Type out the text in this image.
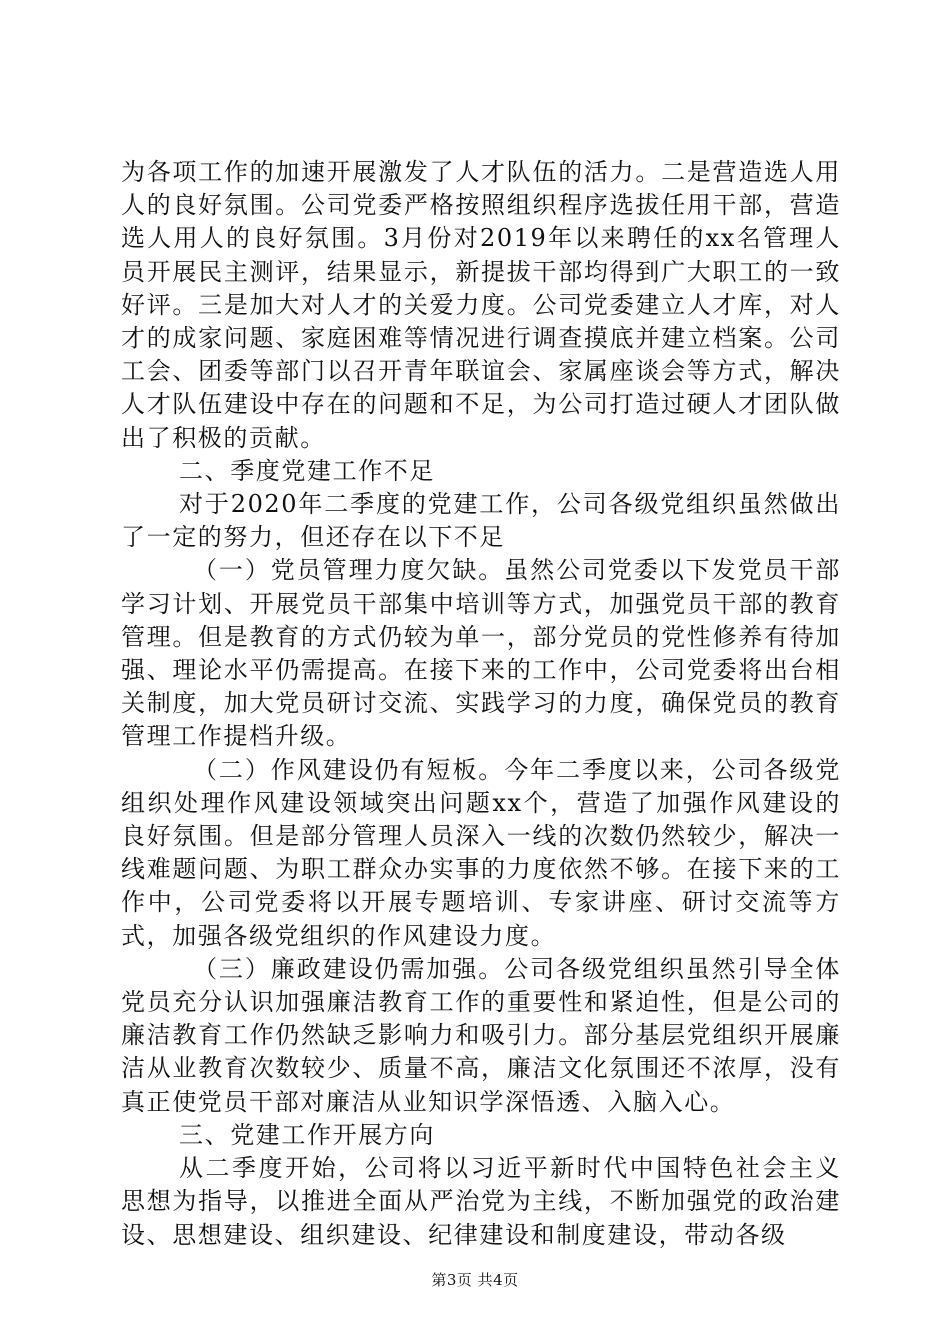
为各项工作的加速开展激发了人才队伍的活力。二是营造选人用人的良好氛围。公司党委严格按照组织程序选拔任用干部，营造选人用人的良好氛围。3月份对2019年以来聘任的xx名管理人员开展民主测评，结果显示，新提拔干部均得到广大职工的一致好评。三是加大对人才的关爱力度。公司党委建立人才库，对人才的成家问题、家庭困难等情况进行调查摸底并建立档案。公司工会、团委等部门以召开青年联谊会、家属座谈会等方式，解决人才队伍建设中存在的问题和不足，为公司打造过硬人才团队做出了积极的贡献。

二、季度党建工作不足

对于2020年二季度的党建工作，公司各级党组织虽然做出了一定的努力，但还存在以下不足

（一）党员管理力度欠缺。虽然公司党委以下发党员干部学习计划、开展党员干部集中培训等方式，加强党员干部的教育管理。但是教育的方式仍较为单一，部分党员的党性修养有待加强、理论水平仍需提高。在接下来的工作中，公司党委将出台相关制度，加大党员研讨交流、实践学习的力度，确保党员的教育管理工作提档升级。

（二）作风建设仍有短板。今年二季度以来，公司各级党组织处理作风建设领域突出问题xx个，营造了加强作风建设的良好氛围。但是部分管理人员深入一线的次数仍然较少，解决一线难题问题、为职工群众办实事的力度依然不够。在接下来的工作中，公司党委将以开展专题培训、专家讲座、研讨交流等方式，加强各级党组织的作风建设力度。

（三）廉政建设仍需加强。公司各级党组织虽然引导全体党员充分认识加强廉洁教育工作的重要性和紧迫性，但是公司的廉洁教育工作仍然缺乏影响力和吸引力。部分基层党组织开展廉洁从业教育次数较少、质量不高，廉洁文化氛围还不浓厚，没有真正使党员干部对廉洁从业知识学深悟透、入脑入心。

三、党建工作开展方向

从二季度开始，公司将以习近平新时代中国特色社会主义思想为指导，以推进全面从严治党为主线，不断加强党的政治建设、思想建设、组织建设、纪律建设和制度建设，带动各级

第3页 共4页
